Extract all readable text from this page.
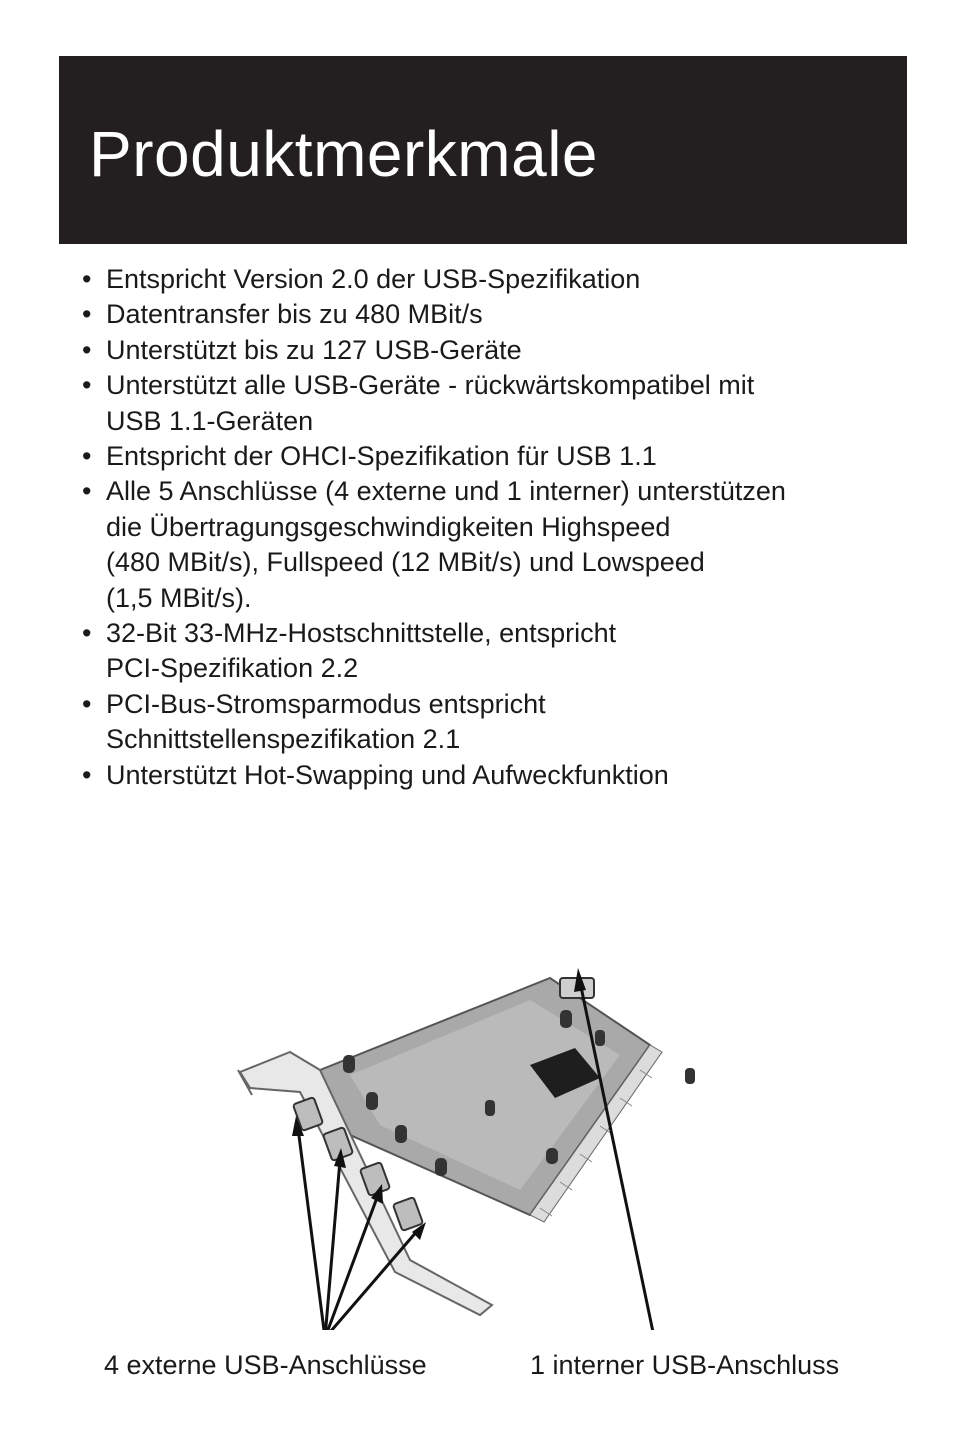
Produktmerkmale
• Entspricht Version 2.0 der USB-Spezifikation
• Datentransfer bis zu 480 MBit/s
• Unterstützt bis zu 127 USB-Geräte
• Unterstützt alle USB-Geräte - rückwärtskompatibel mit
USB 1.1-Geräten
• Entspricht der OHCI-Spezifikation für USB 1.1
• Alle 5 Anschlüsse (4 externe und 1 interner) unterstützen
die Übertragungsgeschwindigkeiten Highspeed
(480 MBit/s), Fullspeed (12 MBit/s) und Lowspeed
(1,5 MBit/s).
• 32-Bit 33-MHz-Hostschnittstelle, entspricht
PCI-Spezifikation 2.2
• PCI-Bus-Stromsparmodus entspricht
Schnittstellenspezifikation 2.1
• Unterstützt Hot-Swapping und Aufweckfunktion
4 externe USB-Anschlüsse	1 interner USB-Anschluss
